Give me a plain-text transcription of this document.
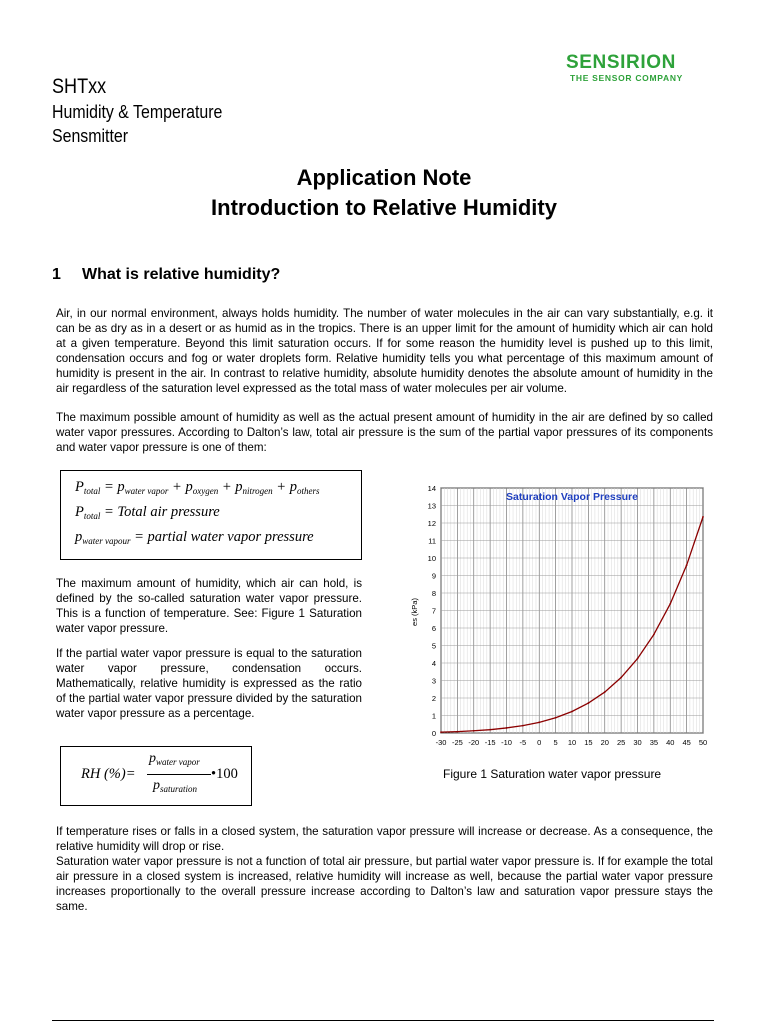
SHTxx
Humidity & Temperature
Sensmitter
SENSIRION
THE SENSOR COMPANY
Application Note
Introduction to Relative Humidity
1 What is relative humidity?
Air, in our normal environment, always holds humidity. The number of water molecules in the air can vary substantially, e.g. it can be as dry as in a desert or as humid as in the tropics. There is an upper limit for the amount of humidity which air can hold at a given temperature. Beyond this limit saturation occurs. If for some reason the humidity level is pushed up to this limit, condensation occurs and fog or water droplets form. Relative humidity tells you what percentage of this maximum amount of humidity is present in the air. In contrast to relative humidity, absolute humidity denotes the absolute amount of humidity in the air regardless of the saturation level expressed as the total mass of water molecules per air volume.
The maximum possible amount of humidity as well as the actual present amount of humidity in the air are defined by so called water vapor pressures. According to Dalton’s law, total air pressure is the sum of the partial vapor pressures of its components and water vapor pressure is one of them:
$P_{total} = p_{water vapor} + p_{oxygen} + p_{nitrogen} + p_{others}$
$P_{total}$ = Total air pressure
$p_{water vapour}$ = partial water vapor pressure
The maximum amount of humidity, which air can hold, is defined by the so-called saturation water vapor pressure. This is a function of temperature. See: Figure 1 Saturation water vapor pressure.
If the partial water vapor pressure is equal to the saturation water vapor pressure, condensation occurs. Mathematically, relative humidity is expressed as the ratio of the partial water vapor pressure divided by the saturation water vapor pressure as a percentage.
RH (%)=
$p_{water vapor}$
$p_{saturation}$
•100
-30 -25 -20 -15 -10 -5 0 5 10 15 20 25 30 35 40 45 50
0
1
2
3
4
5
6
7
8
9
10
11
12
13
14
Saturation Vapor Pressure
es (kPa)
Figure 1 Saturation water vapor pressure
If temperature rises or falls in a closed system, the saturation vapor pressure will increase or decrease. As a consequence, the relative humidity will drop or rise.
Saturation water vapor pressure is not a function of total air pressure, but partial water vapor pressure is. If for example the total air pressure in a closed system is increased, relative humidity will increase as well, because the partial water vapor pressure increases proportionally to the overall pressure increase according to Dalton’s law and saturation vapor pressure stays the same.
